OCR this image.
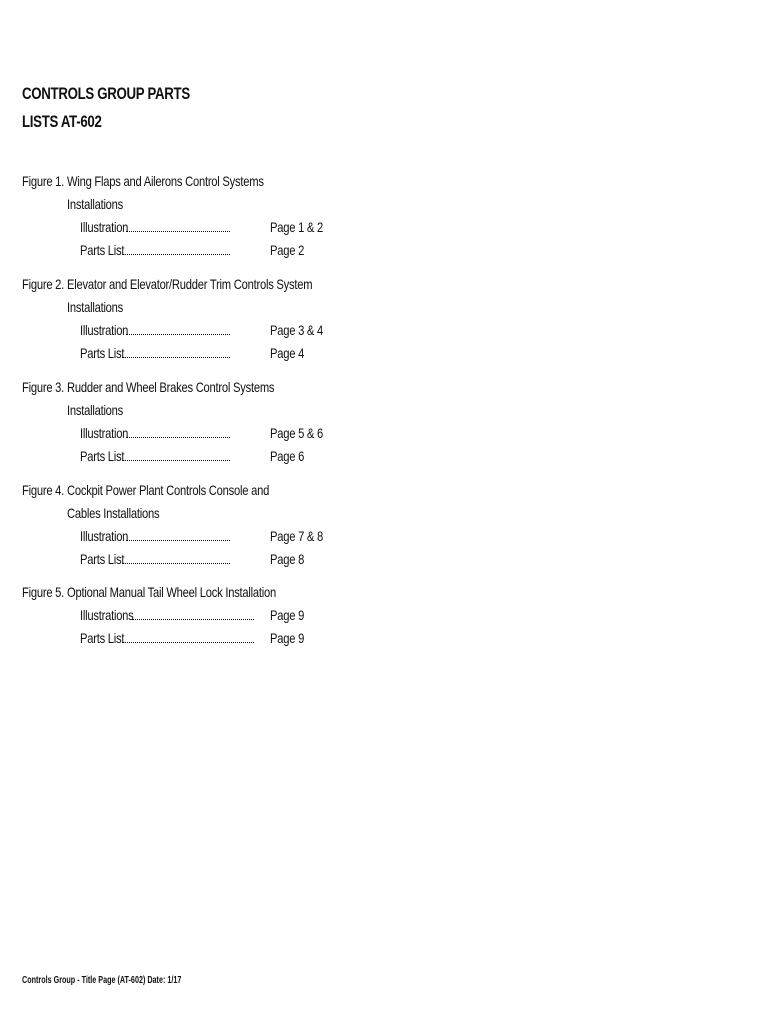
CONTROLS GROUP PARTS
LISTS AT-602
Figure 1. Wing Flaps and Ailerons Control Systems
Installations
Illustration	Page 1 & 2
Parts List	Page 2
Figure 2. Elevator and Elevator/Rudder Trim Controls System
Installations
Illustration	Page 3 & 4
Parts List	Page 4
Figure 3. Rudder and Wheel Brakes Control Systems
Installations
Illustration	Page 5 & 6
Parts List	Page 6
Figure 4. Cockpit Power Plant Controls Console and
Cables Installations
Illustration	Page 7 & 8
Parts List	Page 8
Figure 5. Optional Manual Tail Wheel Lock Installation
Illustrations	Page 9
Parts List	Page 9
Controls Group - Title Page (AT-602) Date: 1/17
